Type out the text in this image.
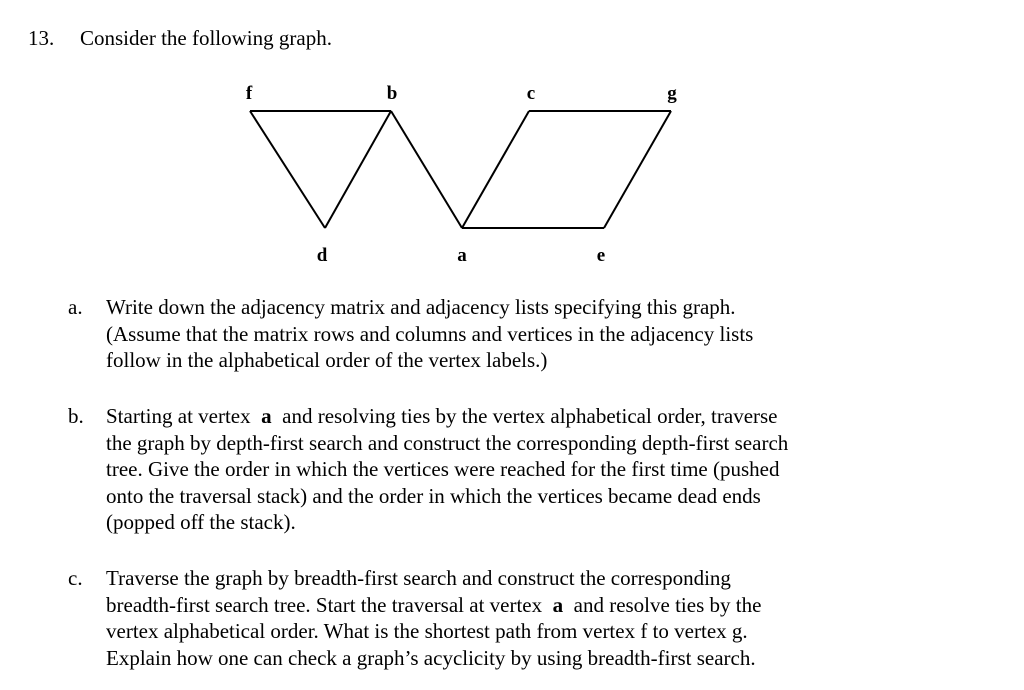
13. Consider the following graph.
f	b	c	g
d	a	e
a. Write down the adjacency matrix and adjacency lists specifying this graph.
(Assume that the matrix rows and columns and vertices in the adjacency lists
follow in the alphabetical order of the vertex labels.)
b. Starting at vertex a and resolving ties by the vertex alphabetical order, traverse
the graph by depth-first search and construct the corresponding depth-first search
tree. Give the order in which the vertices were reached for the first time (pushed
onto the traversal stack) and the order in which the vertices became dead ends
(popped off the stack).
c. Traverse the graph by breadth-first search and construct the corresponding
breadth-first search tree. Start the traversal at vertex a and resolve ties by the
vertex alphabetical order. What is the shortest path from vertex f to vertex g.
Explain how one can check a graph’s acyclicity by using breadth-first search.
